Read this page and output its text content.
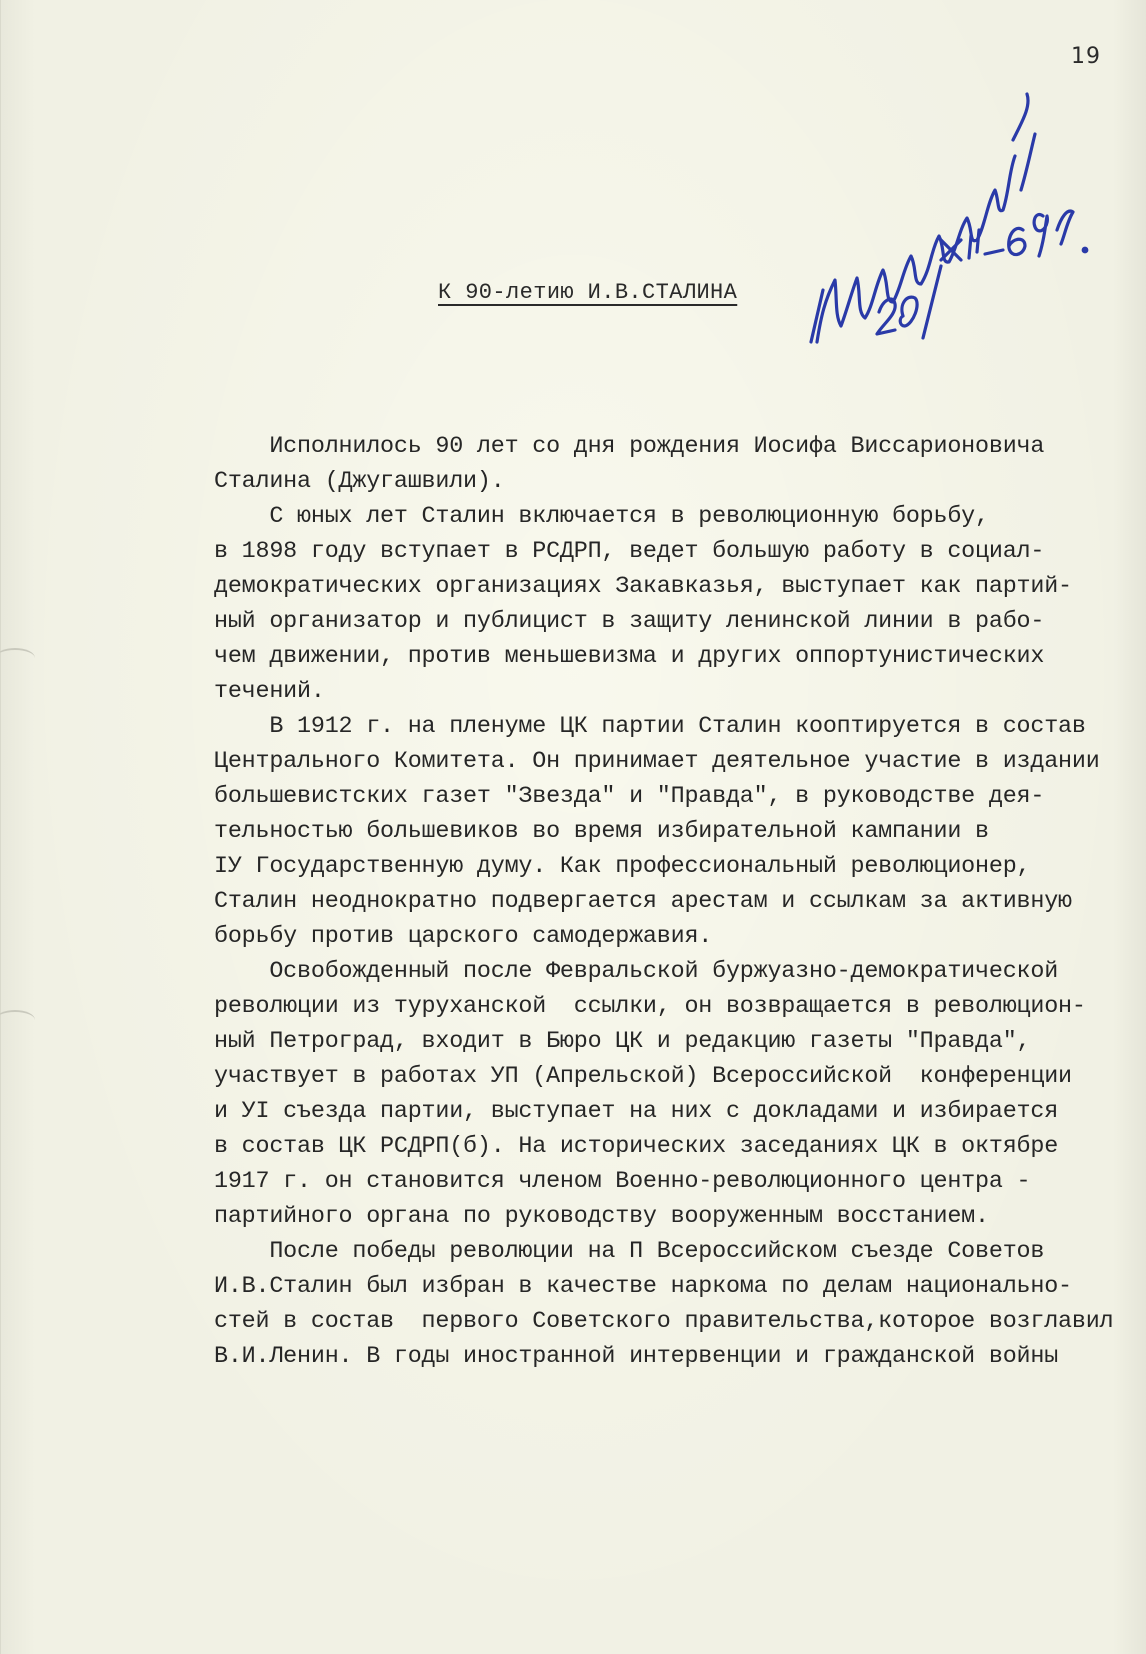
19
К 90-летию И.В.СТАЛИНА
Исполнилось 90 лет со дня рождения Иосифа Виссарионовича
Сталина (Джугашвили).
С юных лет Сталин включается в революционную борьбу,
в 1898 году вступает в РСДРП, ведет большую работу в социал-
демократических организациях Закавказья, выступает как партий-
ный организатор и публицист в защиту ленинской линии в рабо-
чем движении, против меньшевизма и других оппортунистических
течений.
В 1912 г. на пленуме ЦК партии Сталин кооптируется в состав
Центрального Комитета. Он принимает деятельное участие в издании
большевистских газет "Звезда" и "Правда", в руководстве дея-
тельностью большевиков во время избирательной кампании в
IУ Государственную думу. Как профессиональный революционер,
Сталин неоднократно подвергается арестам и ссылкам за активную
борьбу против царского самодержавия.
Освобожденный после Февральской буржуазно-демократической
революции из туруханской  ссылки, он возвращается в революцион-
ный Петроград, входит в Бюро ЦК и редакцию газеты "Правда",
участвует в работах УП (Апрельской) Всероссийской  конференции
и УI съезда партии, выступает на них с докладами и избирается
в состав ЦК РСДРП(б). На исторических заседаниях ЦК в октябре
1917 г. он становится членом Военно-революционного центра -
партийного органа по руководству вооруженным восстанием.
После победы революции на П Всероссийском съезде Советов
И.В.Сталин был избран в качестве наркома по делам национально-
стей в состав  первого Советского правительства,которое возглавил
В.И.Ленин. В годы иностранной интервенции и гражданской войны
